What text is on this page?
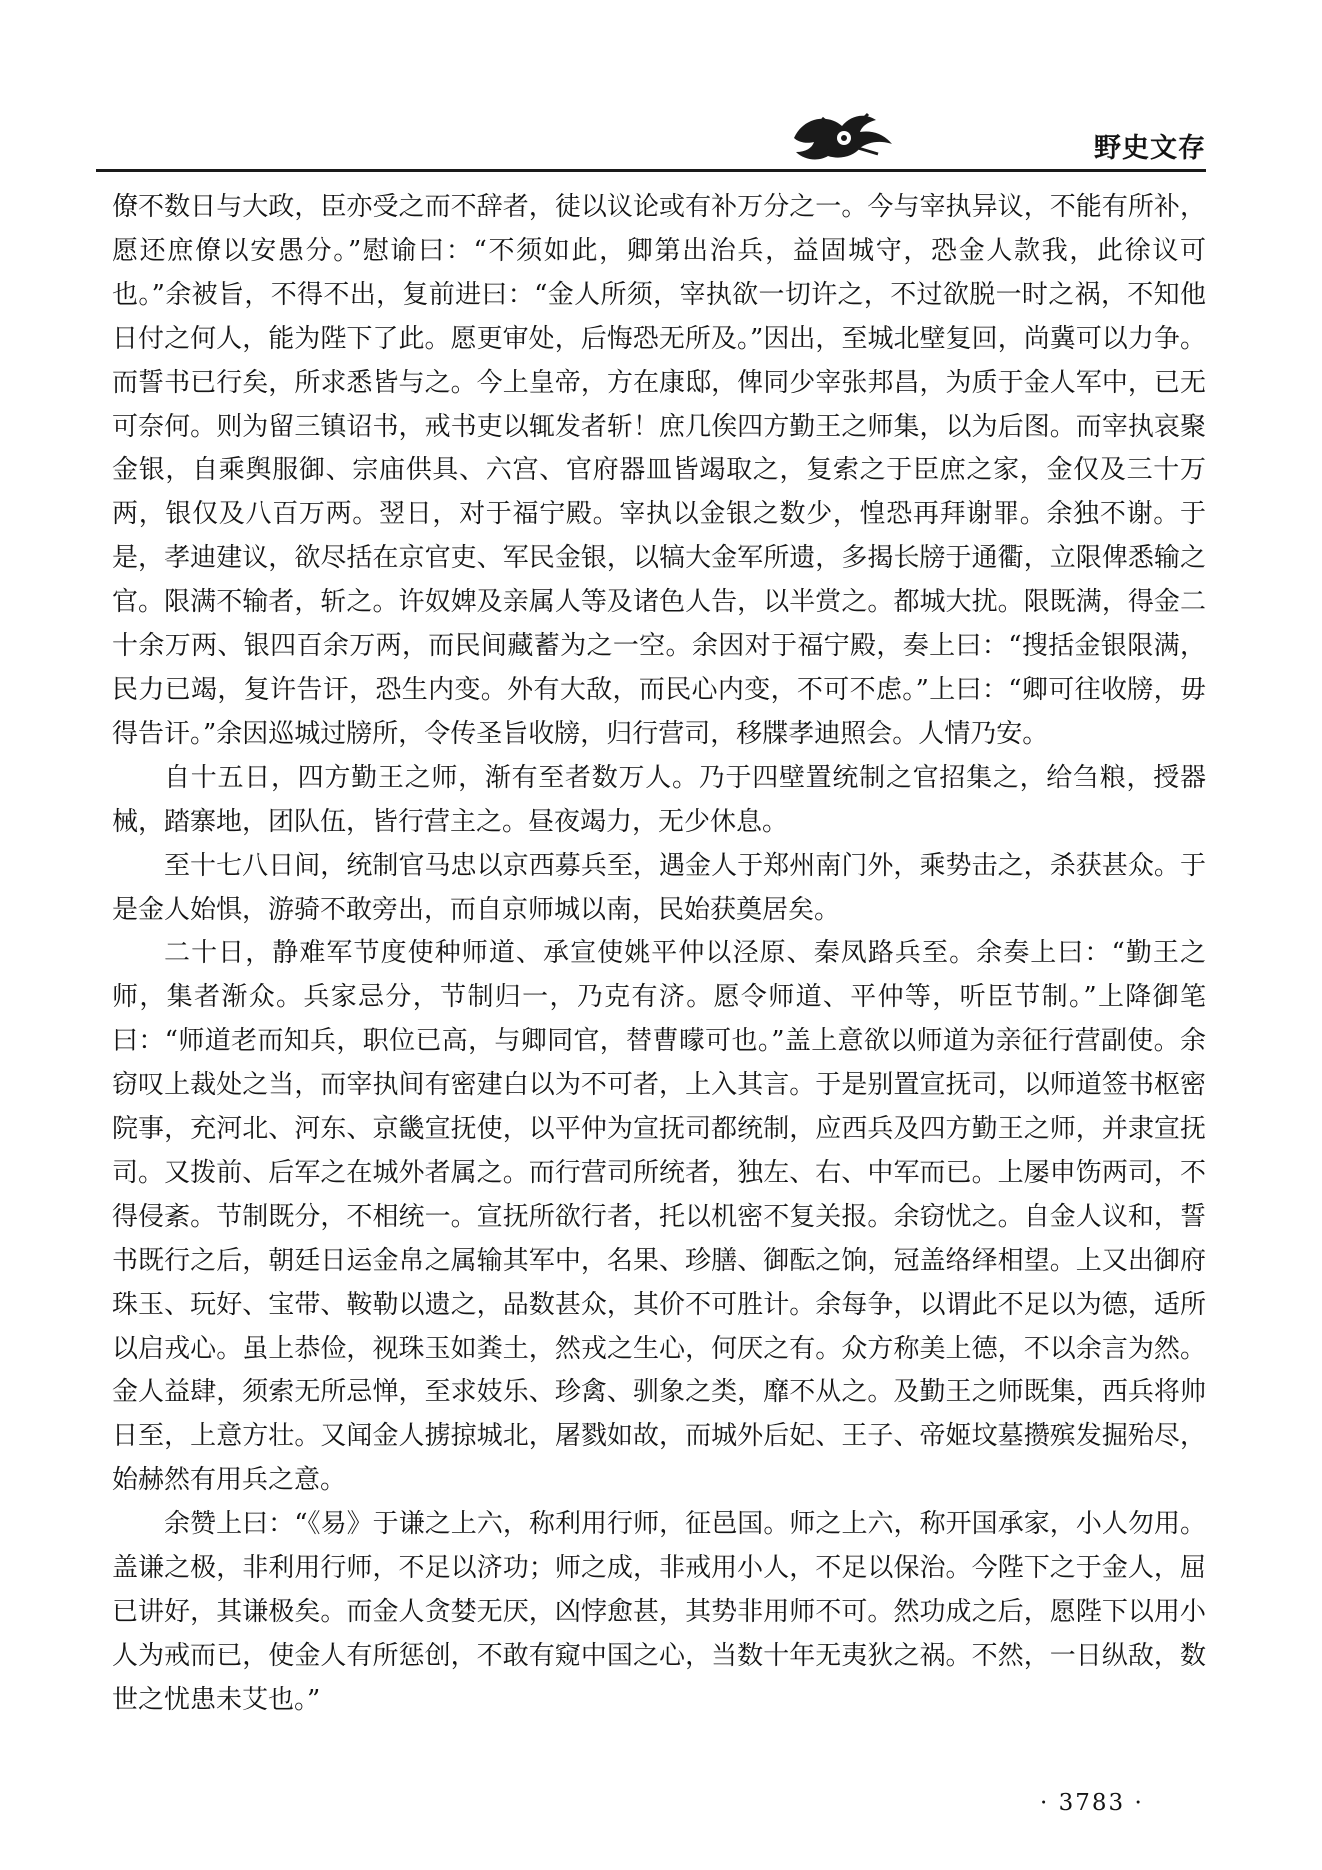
野史文存

僚不数日与大政，臣亦受之而不辞者，徒以议论或有补万分之一。今与宰执异议，不能有所补，愿还庶僚以安愚分。”慰谕曰：“不须如此，卿第出治兵，益固城守，恐金人款我，此徐议可也。”余被旨，不得不出，复前进曰：“金人所须，宰执欲一切许之，不过欲脱一时之祸，不知他日付之何人，能为陛下了此。愿更审处，后悔恐无所及。”因出，至城北壁复回，尚冀可以力争。而誓书已行矣，所求悉皆与之。今上皇帝，方在康邸，俾同少宰张邦昌，为质于金人军中，已无可奈何。则为留三镇诏书，戒书吏以辄发者斩！庶几俟四方勤王之师集，以为后图。而宰执哀聚金银，自乘舆服御、宗庙供具、六宫、官府器皿皆竭取之，复索之于臣庶之家，金仅及三十万两，银仅及八百万两。翌日，对于福宁殿。宰执以金银之数少，惶恐再拜谢罪。余独不谢。于是，孝迪建议，欲尽括在京官吏、军民金银，以犒大金军所遗，多揭长牓于通衢，立限俾悉输之官。限满不输者，斩之。许奴婢及亲属人等及诸色人告，以半赏之。都城大扰。限既满，得金二十余万两、银四百余万两，而民间藏蓄为之一空。余因对于福宁殿，奏上曰：“搜括金银限满，民力已竭，复许告讦，恐生内变。外有大敌，而民心内变，不可不虑。”上曰：“卿可往收牓，毋得告讦。”余因巡城过牓所，令传圣旨收牓，归行营司，移牒孝迪照会。人情乃安。

自十五日，四方勤王之师，渐有至者数万人。乃于四壁置统制之官招集之，给刍粮，授器械，踏寨地，团队伍，皆行营主之。昼夜竭力，无少休息。

至十七八日间，统制官马忠以京西募兵至，遇金人于郑州南门外，乘势击之，杀获甚众。于是金人始惧，游骑不敢旁出，而自京师城以南，民始获奠居矣。

二十日，静难军节度使种师道、承宣使姚平仲以泾原、秦凤路兵至。余奏上曰：“勤王之师，集者渐众。兵家忌分，节制归一，乃克有济。愿令师道、平仲等，听臣节制。”上降御笔曰：“师道老而知兵，职位已高，与卿同官，替曹曚可也。”盖上意欲以师道为亲征行营副使。余窃叹上裁处之当，而宰执间有密建白以为不可者，上入其言。于是别置宣抚司，以师道签书枢密院事，充河北、河东、京畿宣抚使，以平仲为宣抚司都统制，应西兵及四方勤王之师，并隶宣抚司。又拨前、后军之在城外者属之。而行营司所统者，独左、右、中军而已。上屡申饬两司，不得侵紊。节制既分，不相统一。宣抚所欲行者，托以机密不复关报。余窃忧之。自金人议和，誓书既行之后，朝廷日运金帛之属输其军中，名果、珍膳、御酝之饷，冠盖络绎相望。上又出御府珠玉、玩好、宝带、鞍勒以遗之，品数甚众，其价不可胜计。余每争，以谓此不足以为德，适所以启戎心。虽上恭俭，视珠玉如粪土，然戎之生心，何厌之有。众方称美上德，不以余言为然。金人益肆，须索无所忌惮，至求妓乐、珍禽、驯象之类，靡不从之。及勤王之师既集，西兵将帅日至，上意方壮。又闻金人掳掠城北，屠戮如故，而城外后妃、王子、帝姬坟墓攒殡发掘殆尽，始赫然有用兵之意。

余赞上曰：“《易》于谦之上六，称利用行师，征邑国。师之上六，称开国承家，小人勿用。盖谦之极，非利用行师，不足以济功；师之成，非戒用小人，不足以保治。今陛下之于金人，屈已讲好，其谦极矣。而金人贪婪无厌，凶悖愈甚，其势非用师不可。然功成之后，愿陛下以用小人为戒而已，使金人有所惩创，不敢有窥中国之心，当数十年无夷狄之祸。不然，一日纵敌，数世之忧患未艾也。”

· 3783 ·
